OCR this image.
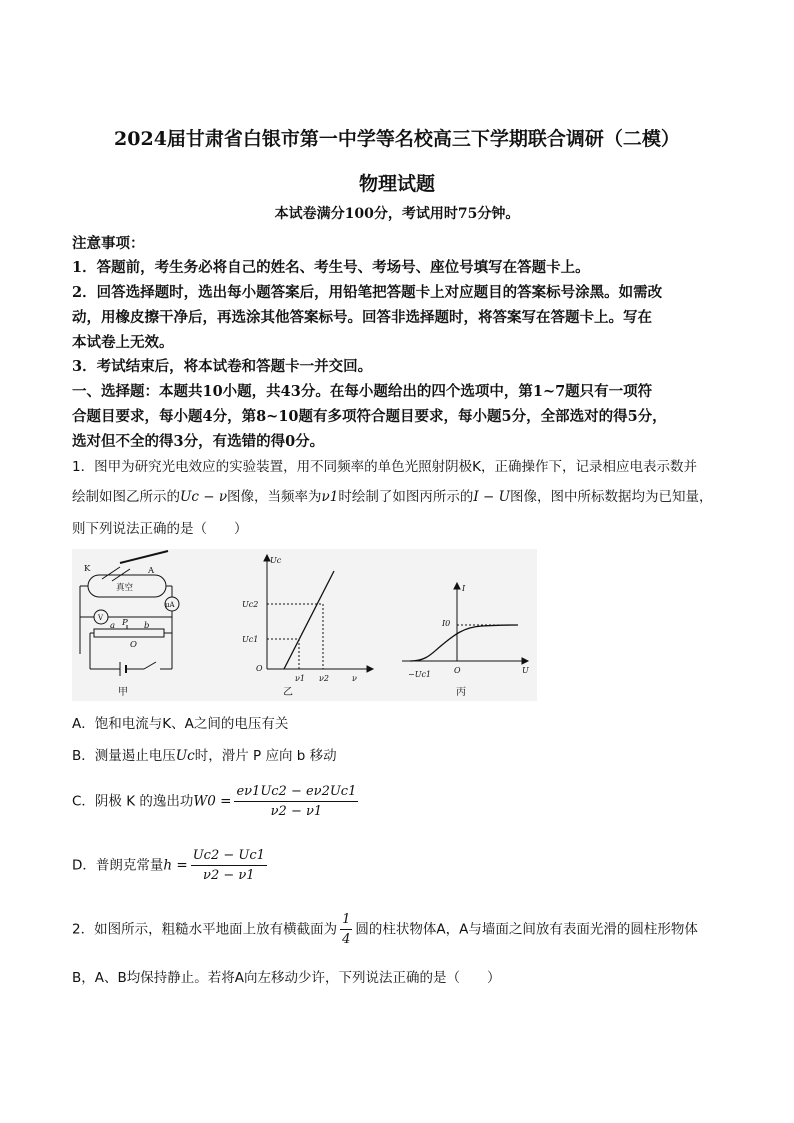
2024届甘肃省白银市第一中学等名校高三下学期联合调研（二模）
物理试题
本试卷满分100分，考试用时75分钟。
注意事项：
1．答题前，考生务必将自己的姓名、考生号、考场号、座位号填写在答题卡上。
2．回答选择题时，选出每小题答案后，用铅笔把答题卡上对应题目的答案标号涂黑。如需改
动，用橡皮擦干净后，再选涂其他答案标号。回答非选择题时，将答案写在答题卡上。写在
本试卷上无效。
3．考试结束后，将本试卷和答题卡一并交回。
一、选择题：本题共10小题，共43分。在每小题给出的四个选项中，第1~7题只有一项符
合题目要求，每小题4分，第8~10题有多项符合题目要求，每小题5分，全部选对的得5分，
选对但不全的得3分，有选错的得0分。
1．图甲为研究光电效应的实验装置，用不同频率的单色光照射阴极K，正确操作下，记录相应电表示数并
绘制如图乙所示的Uc − ν图像，当频率为ν1时绘制了如图丙所示的I − U图像，图中所标数据均为已知量，
则下列说法正确的是（　　）
K	A
真空
μA
V
a P b
O
甲
Uc
Uc2
Uc1
O
ν1 ν2	ν
乙
I
I0
−Uc1	O	U
丙
A．饱和电流与K、A之间的电压有关
B．测量遏止电压Uc时，滑片 P 应向 b 移动
C．阴极 K 的逸出功$W0 = \frac{e\nu 1Uc2 - e\nu 2Uc1}{\nu 2 - \nu 1}$
D．普朗克常量$h = \frac{Uc2 - Uc1}{\nu 2 - \nu 1}$
2．如图所示，粗糙水平地面上放有横截面为 $\frac{1}{4}$ 圆的柱状物体A，A与墙面之间放有表面光滑的圆柱形物体
B，A、B均保持静止。若将A向左移动少许，下列说法正确的是（　　）
